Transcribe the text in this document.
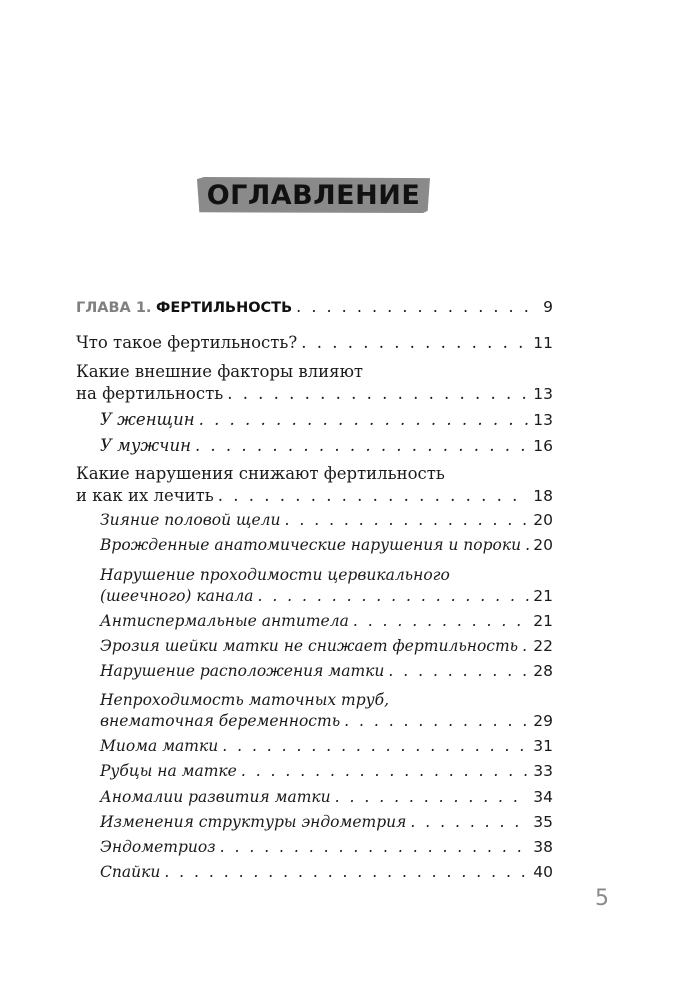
ОГЛАВЛЕНИЕ
ГЛАВА 1. ФЕРТИЛЬНОСТЬ . . .	9
Что такое фертильность? . . .	11
Какие внешние факторы влияют
на фертильность . . .	13
У женщин . . .	13
У мужчин . . .	16
Какие нарушения снижают фертильность
и как их лечить . . .	18
Зияние половой щели . . .	20
Врожденные анатомические нарушения и пороки . . . 20
Нарушение проходимости цервикального
(шеечного) канала . . .	21
Антиспермальные антитела . . .	21
Эрозия шейки матки не снижает фертильность . . . 22
Нарушение расположения матки . . .	28
Непроходимость маточных труб,
внематочная беременность . . .	29
Миома матки . . .	31
Рубцы на матке . . .	33
Аномалии развития матки . . .	34
Изменения структуры эндометрия . . .	35
Эндометриоз . . .	38
Спайки . . .	40
5
